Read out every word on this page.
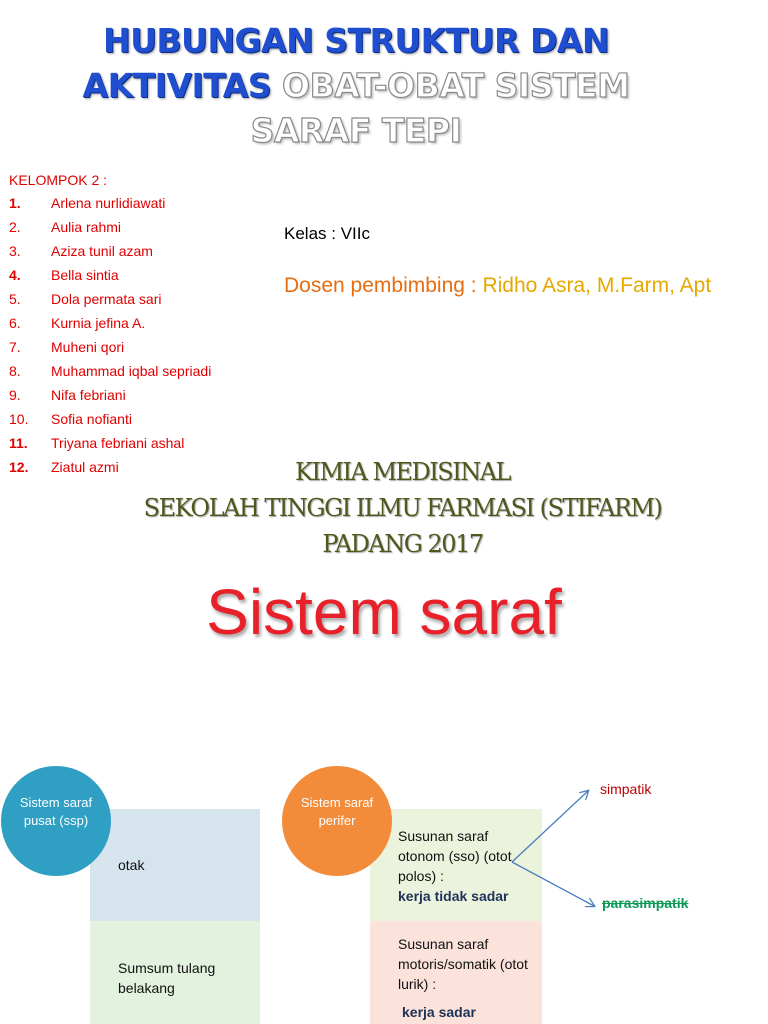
HUBUNGAN STRUKTUR DAN
AKTIVITAS OBAT-OBAT SISTEM
SARAF TEPI
KELOMPOK 2 :
1. Arlena nurlidiawati
2. Aulia rahmi
3. Aziza tunil azam
4. Bella sintia
5. Dola permata sari
6. Kurnia jefina A.
7. Muheni qori
8. Muhammad iqbal sepriadi
9. Nifa febriani
10. Sofia nofianti
11. Triyana febriani ashal
12. Ziatul azmi
Kelas : VIIc
Dosen pembimbing : Ridho Asra, M.Farm, Apt
KIMIA MEDISINAL
SEKOLAH TINGGI ILMU FARMASI (STIFARM)
PADANG 2017
Sistem saraf
otak
Sumsum tulang belakang
Sistem saraf pusat (ssp)
Susunan saraf otonom (sso) (otot polos) :
kerja tidak sadar
Susunan saraf motoris/somatik (otot lurik) :
kerja sadar
Sistem saraf perifer
simpatik
parasimpatik
